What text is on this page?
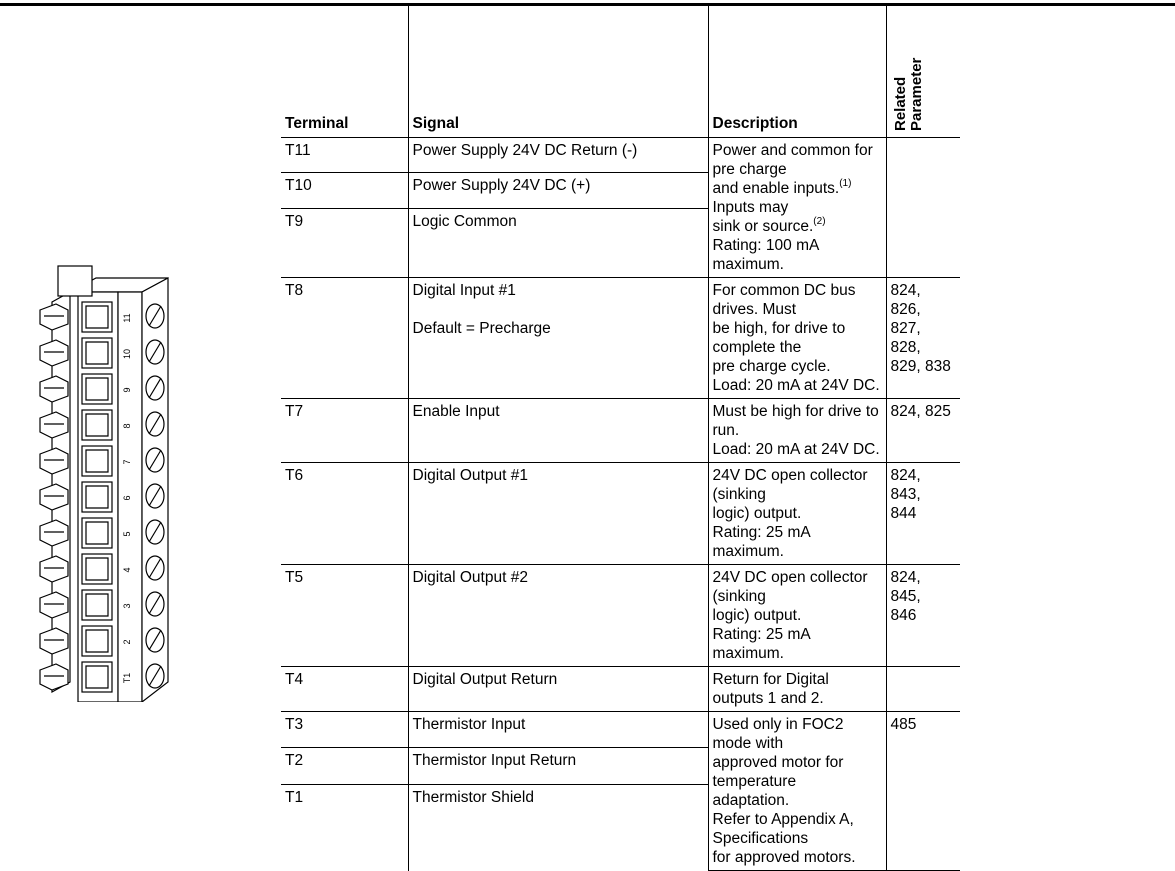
11
10
9
8
7
6
5
4
3
2
T1
Terminal	Signal	Description	Related Parameter

T11	Power Supply 24V DC Return (-)	Power and common for pre charge
and enable inputs.$^{(1)}$ Inputs may
sink or source.$^{(2)}$
Rating: 100 mA maximum.	

T10	Power Supply 24V DC (+)		
T9	Logic Common		
T8	Digital Input #1
Default = Precharge	For common DC bus drives. Must
be high, for drive to complete the
pre charge cycle.
Load: 20 mA at 24V DC.	824, 826,
827, 828,
829, 838

T7	Enable Input	Must be high for drive to run.
Load: 20 mA at 24V DC.	824, 825

T6	Digital Output #1	24V DC open collector (sinking
logic) output.
Rating: 25 mA maximum.	824, 843,
844

T5	Digital Output #2	24V DC open collector (sinking
logic) output.
Rating: 25 mA maximum.	824, 845,
846

T4	Digital Output Return	Return for Digital outputs 1 and 2.	
T3	Thermistor Input	Used only in FOC2 mode with
approved motor for temperature
adaptation.
Refer to Appendix A, Specifications
for approved motors.	485

T2	Thermistor Input Return		
T1	Thermistor Shield		
